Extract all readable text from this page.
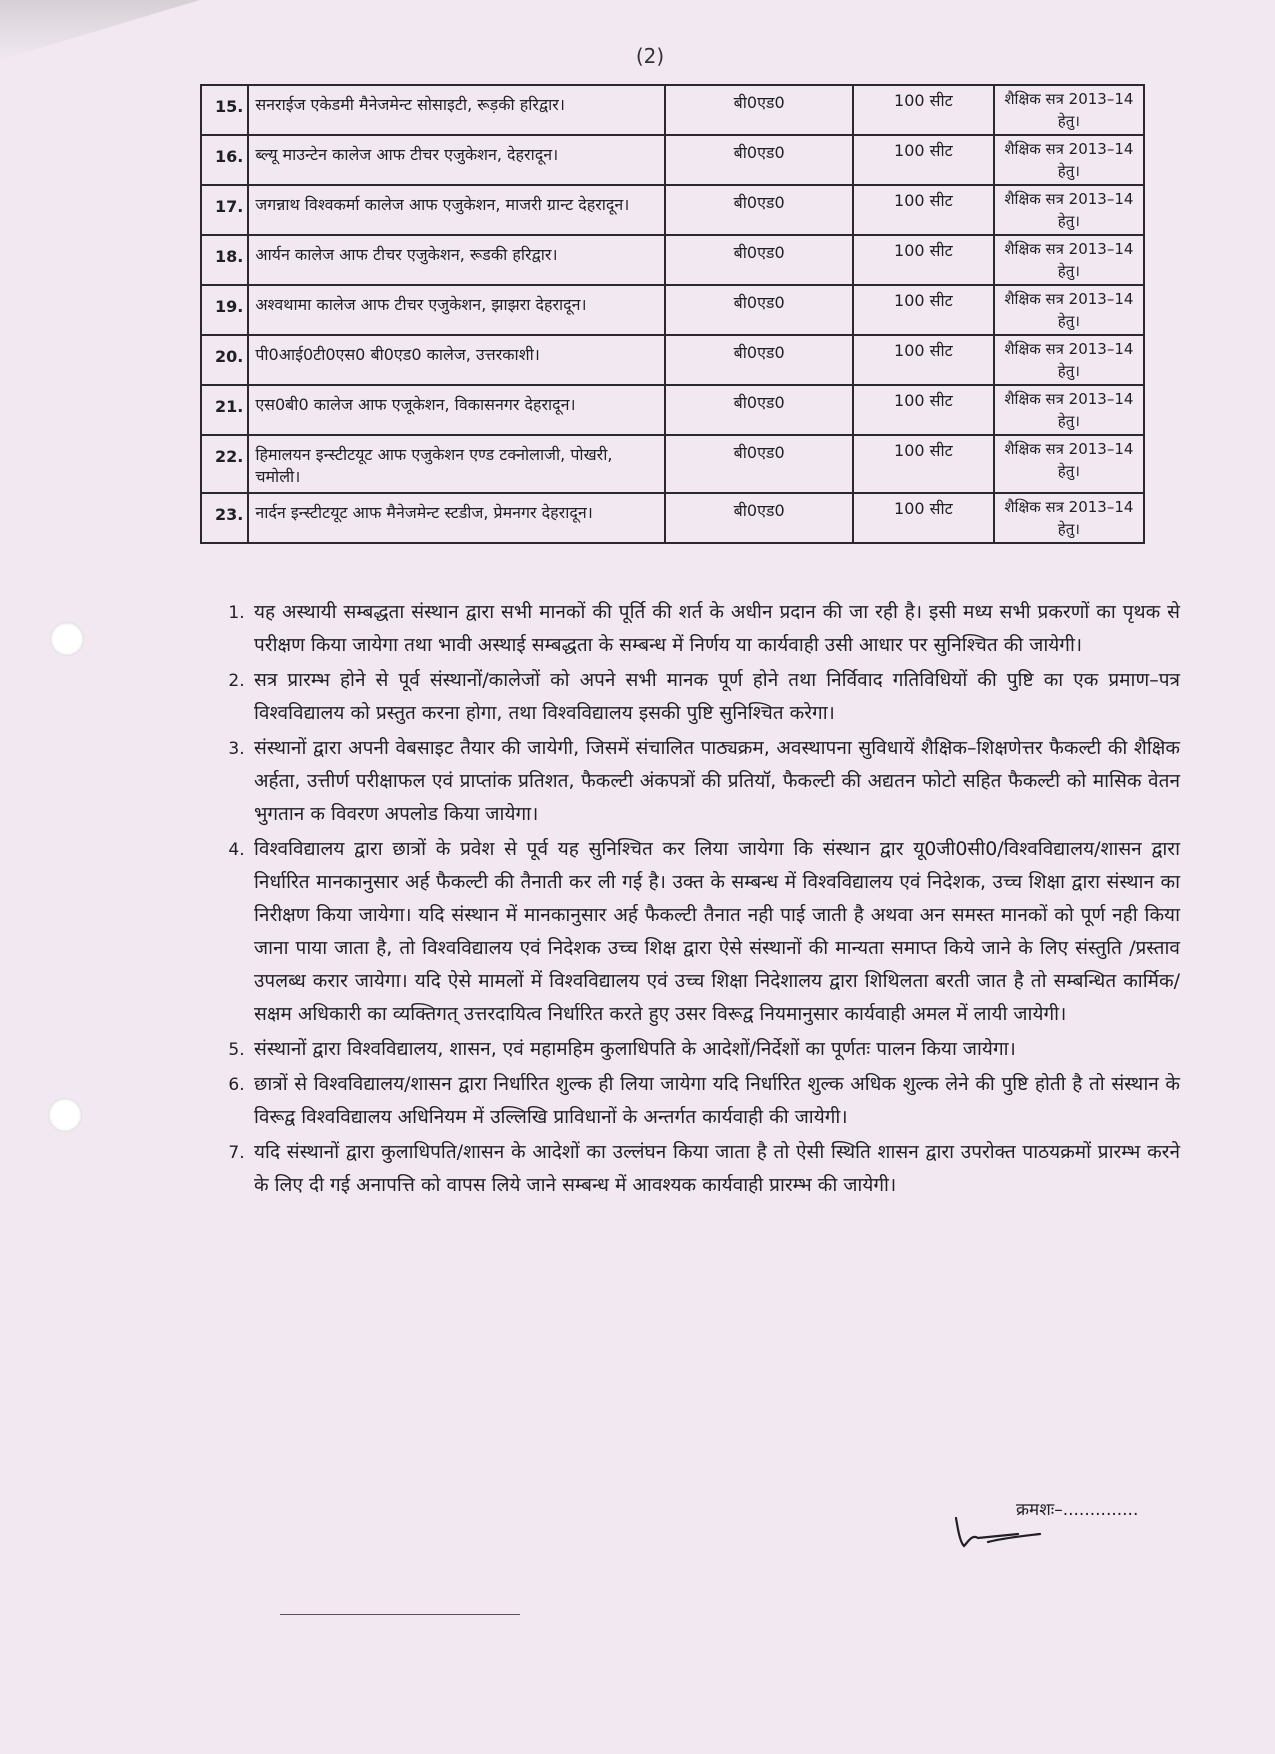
(2)
15.	सनराईज एकेडमी मैनेजमेन्ट सोसाइटी, रूड़की हरिद्वार।	बी0एड0	100 सीट	शैक्षिक सत्र 2013–14 हेतु।
16.	ब्ल्यू माउन्टेन कालेज आफ टीचर एजुकेशन, देहरादून।	बी0एड0	100 सीट	शैक्षिक सत्र 2013–14 हेतु।
17.	जगन्नाथ विश्वकर्मा कालेज आफ एजुकेशन, माजरी ग्रान्ट देहरादून।	बी0एड0	100 सीट	शैक्षिक सत्र 2013–14 हेतु।
18.	आर्यन कालेज आफ टीचर एजुकेशन, रूडकी हरिद्वार।	बी0एड0	100 सीट	शैक्षिक सत्र 2013–14 हेतु।
19.	अश्वथामा कालेज आफ टीचर एजुकेशन, झाझरा देहरादून।	बी0एड0	100 सीट	शैक्षिक सत्र 2013–14 हेतु।
20.	पी0आई0टी0एस0 बी0एड0 कालेज, उत्तरकाशी।	बी0एड0	100 सीट	शैक्षिक सत्र 2013–14 हेतु।
21.	एस0बी0 कालेज आफ एजूकेशन, विकासनगर देहरादून।	बी0एड0	100 सीट	शैक्षिक सत्र 2013–14 हेतु।
22.	हिमालयन इन्स्टीटयूट आफ एजुकेशन एण्ड टक्नोलाजी, पोखरी, चमोली।	बी0एड0	100 सीट	शैक्षिक सत्र 2013–14 हेतु।
23.	नार्दन इन्स्टीटयूट आफ मैनेजमेन्ट स्टडीज, प्रेमनगर देहरादून।	बी0एड0	100 सीट	शैक्षिक सत्र 2013–14 हेतु।
1. यह अस्थायी सम्बद्धता संस्थान द्वारा सभी मानकों की पूर्ति की शर्त के अधीन प्रदान की जा रही है। इसी मध्य सभी प्रकरणों का पृथक से परीक्षण किया जायेगा तथा भावी अस्थाई सम्बद्धता के सम्बन्ध में निर्णय या कार्यवाही उसी आधार पर सुनिश्चित की जायेगी।
2. सत्र प्रारम्भ होने से पूर्व संस्थानों/कालेजों को अपने सभी मानक पूर्ण होने तथा निर्विवाद गतिविधियों की पुष्टि का एक प्रमाण–पत्र विश्वविद्यालय को प्रस्तुत करना होगा, तथा विश्वविद्यालय इसकी पुष्टि सुनिश्चित करेगा।
3. संस्थानों द्वारा अपनी वेबसाइट तैयार की जायेगी, जिसमें संचालित पाठ्यक्रम, अवस्थापना सुविधायें शैक्षिक–शिक्षणेत्तर फैकल्टी की शैक्षिक अर्हता, उत्तीर्ण परीक्षाफल एवं प्राप्तांक प्रतिशत, फैकल्टी अंकपत्रों की प्रतियॉ, फैकल्टी की अद्यतन फोटो सहित फैकल्टी को मासिक वेतन भुगतान क विवरण अपलोड किया जायेगा।
4. विश्वविद्यालय द्वारा छात्रों के प्रवेश से पूर्व यह सुनिश्चित कर लिया जायेगा कि संस्थान द्वार यू0जी0सी0/विश्वविद्यालय/शासन द्वारा निर्धारित मानकानुसार अर्ह फैकल्टी की तैनाती कर ली गई है। उक्त के सम्बन्ध में विश्वविद्यालय एवं निदेशक, उच्च शिक्षा द्वारा संस्थान का निरीक्षण किया जायेगा। यदि संस्थान में मानकानुसार अर्ह फैकल्टी तैनात नही पाई जाती है अथवा अन समस्त मानकों को पूर्ण नही किया जाना पाया जाता है, तो विश्वविद्यालय एवं निदेशक उच्च शिक्ष द्वारा ऐसे संस्थानों की मान्यता समाप्त किये जाने के लिए संस्तुति /प्रस्ताव उपलब्ध करार जायेगा। यदि ऐसे मामलों में विश्वविद्यालय एवं उच्च शिक्षा निदेशालय द्वारा शिथिलता बरती जात है तो सम्बन्धित कार्मिक/सक्षम अधिकारी का व्यक्तिगत् उत्तरदायित्व निर्धारित करते हुए उसर विरूद्व नियमानुसार कार्यवाही अमल में लायी जायेगी।
5. संस्थानों द्वारा विश्वविद्यालय, शासन, एवं महामहिम कुलाधिपति के आदेशों/निर्देशों का पूर्णतः पालन किया जायेगा।
6. छात्रों से विश्वविद्यालय/शासन द्वारा निर्धारित शुल्क ही लिया जायेगा यदि निर्धारित शुल्क अधिक शुल्क लेने की पुष्टि होती है तो संस्थान के विरूद्व विश्वविद्यालय अधिनियम में उल्लिखि प्राविधानों के अन्तर्गत कार्यवाही की जायेगी।
7. यदि संस्थानों द्वारा कुलाधिपति/शासन के आदेशों का उल्लंघन किया जाता है तो ऐसी स्थिति शासन द्वारा उपरोक्त पाठयक्रमों प्रारम्भ करने के लिए दी गई अनापत्ति को वापस लिये जाने सम्बन्ध में आवश्यक कार्यवाही प्रारम्भ की जायेगी।
क्रमशः–..............
